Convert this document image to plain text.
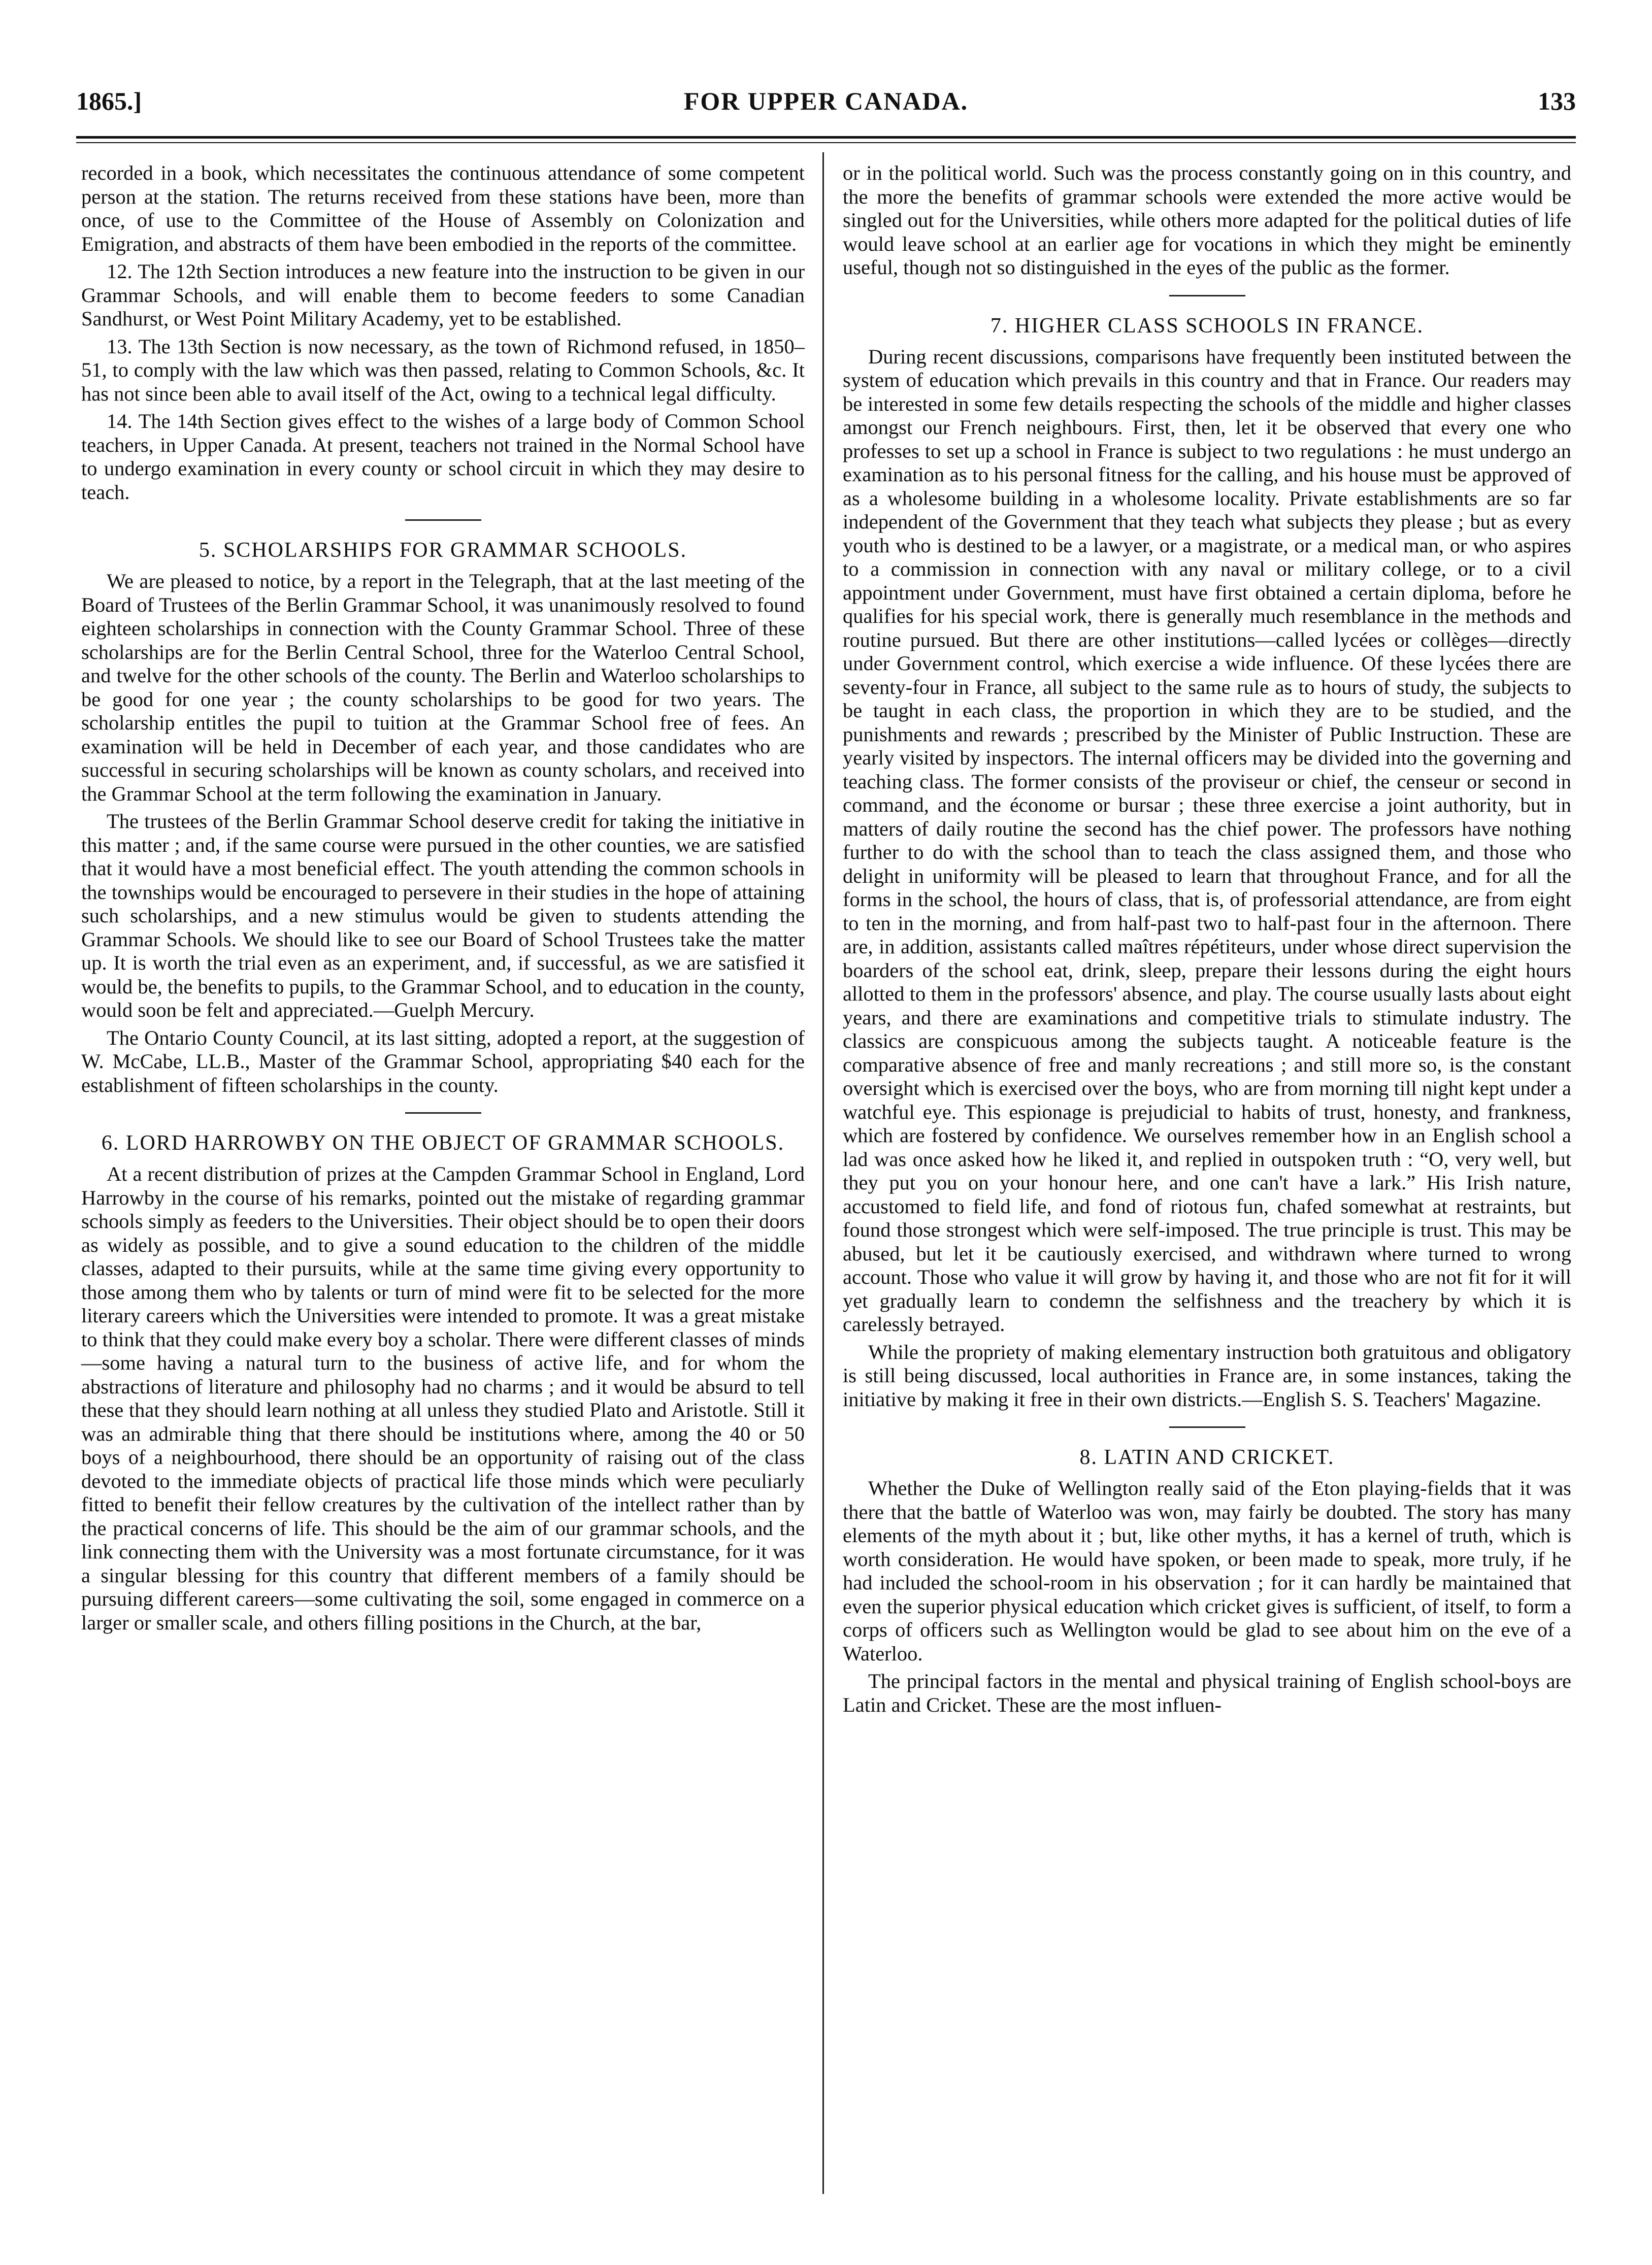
1865.]	FOR UPPER CANADA.	133

recorded in a book, which necessitates the continuous attendance of some competent person at the station. The returns received from these stations have been, more than once, of use to the Committee of the House of Assembly on Colonization and Emigration, and abstracts of them have been embodied in the reports of the committee.

12. The 12th Section introduces a new feature into the instruction to be given in our Grammar Schools, and will enable them to become feeders to some Canadian Sandhurst, or West Point Military Academy, yet to be established.

13. The 13th Section is now necessary, as the town of Richmond refused, in 1850–51, to comply with the law which was then passed, relating to Common Schools, &c. It has not since been able to avail itself of the Act, owing to a technical legal difficulty.

14. The 14th Section gives effect to the wishes of a large body of Common School teachers, in Upper Canada. At present, teachers not trained in the Normal School have to undergo examination in every county or school circuit in which they may desire to teach.

5. SCHOLARSHIPS FOR GRAMMAR SCHOOLS.

We are pleased to notice, by a report in the Telegraph, that at the last meeting of the Board of Trustees of the Berlin Grammar School, it was unanimously resolved to found eighteen scholarships in connection with the County Grammar School. Three of these scholarships are for the Berlin Central School, three for the Waterloo Central School, and twelve for the other schools of the county. The Berlin and Waterloo scholarships to be good for one year ; the county scholarships to be good for two years. The scholarship entitles the pupil to tuition at the Grammar School free of fees. An examination will be held in December of each year, and those candidates who are successful in securing scholarships will be known as county scholars, and received into the Grammar School at the term following the examination in January.

The trustees of the Berlin Grammar School deserve credit for taking the initiative in this matter ; and, if the same course were pursued in the other counties, we are satisfied that it would have a most beneficial effect. The youth attending the common schools in the townships would be encouraged to persevere in their studies in the hope of attaining such scholarships, and a new stimulus would be given to students attending the Grammar Schools. We should like to see our Board of School Trustees take the matter up. It is worth the trial even as an experiment, and, if successful, as we are satisfied it would be, the benefits to pupils, to the Grammar School, and to education in the county, would soon be felt and appreciated.—Guelph Mercury.

The Ontario County Council, at its last sitting, adopted a report, at the suggestion of W. McCabe, LL.B., Master of the Grammar School, appropriating $40 each for the establishment of fifteen scholarships in the county.

6. LORD HARROWBY ON THE OBJECT OF GRAMMAR SCHOOLS.

At a recent distribution of prizes at the Campden Grammar School in England, Lord Harrowby in the course of his remarks, pointed out the mistake of regarding grammar schools simply as feeders to the Universities. Their object should be to open their doors as widely as possible, and to give a sound education to the children of the middle classes, adapted to their pursuits, while at the same time giving every opportunity to those among them who by talents or turn of mind were fit to be selected for the more literary careers which the Universities were intended to promote. It was a great mistake to think that they could make every boy a scholar. There were different classes of minds—some having a natural turn to the business of active life, and for whom the abstractions of literature and philosophy had no charms ; and it would be absurd to tell these that they should learn nothing at all unless they studied Plato and Aristotle. Still it was an admirable thing that there should be institutions where, among the 40 or 50 boys of a neighbourhood, there should be an opportunity of raising out of the class devoted to the immediate objects of practical life those minds which were peculiarly fitted to benefit their fellow creatures by the cultivation of the intellect rather than by the practical concerns of life. This should be the aim of our grammar schools, and the link connecting them with the University was a most fortunate circumstance, for it was a singular blessing for this country that different members of a family should be pursuing different careers—some cultivating the soil, some engaged in commerce on a larger or smaller scale, and others filling positions in the Church, at the bar,

or in the political world. Such was the process constantly going on in this country, and the more the benefits of grammar schools were extended the more active would be singled out for the Universities, while others more adapted for the political duties of life would leave school at an earlier age for vocations in which they might be eminently useful, though not so distinguished in the eyes of the public as the former.

7. HIGHER CLASS SCHOOLS IN FRANCE.

During recent discussions, comparisons have frequently been instituted between the system of education which prevails in this country and that in France. Our readers may be interested in some few details respecting the schools of the middle and higher classes amongst our French neighbours. First, then, let it be observed that every one who professes to set up a school in France is subject to two regulations : he must undergo an examination as to his personal fitness for the calling, and his house must be approved of as a wholesome building in a wholesome locality. Private establishments are so far independent of the Government that they teach what subjects they please ; but as every youth who is destined to be a lawyer, or a magistrate, or a medical man, or who aspires to a commission in connection with any naval or military college, or to a civil appointment under Government, must have first obtained a certain diploma, before he qualifies for his special work, there is generally much resemblance in the methods and routine pursued. But there are other institutions—called lycées or collèges—directly under Government control, which exercise a wide influence. Of these lycées there are seventy-four in France, all subject to the same rule as to hours of study, the subjects to be taught in each class, the proportion in which they are to be studied, and the punishments and rewards ; prescribed by the Minister of Public Instruction. These are yearly visited by inspectors. The internal officers may be divided into the governing and teaching class. The former consists of the proviseur or chief, the censeur or second in command, and the économe or bursar ; these three exercise a joint authority, but in matters of daily routine the second has the chief power. The professors have nothing further to do with the school than to teach the class assigned them, and those who delight in uniformity will be pleased to learn that throughout France, and for all the forms in the school, the hours of class, that is, of professorial attendance, are from eight to ten in the morning, and from half-past two to half-past four in the afternoon. There are, in addition, assistants called maîtres répétiteurs, under whose direct supervision the boarders of the school eat, drink, sleep, prepare their lessons during the eight hours allotted to them in the professors' absence, and play. The course usually lasts about eight years, and there are examinations and competitive trials to stimulate industry. The classics are conspicuous among the subjects taught. A noticeable feature is the comparative absence of free and manly recreations ; and still more so, is the constant oversight which is exercised over the boys, who are from morning till night kept under a watchful eye. This espionage is prejudicial to habits of trust, honesty, and frankness, which are fostered by confidence. We ourselves remember how in an English school a lad was once asked how he liked it, and replied in outspoken truth : “O, very well, but they put you on your honour here, and one can't have a lark.” His Irish nature, accustomed to field life, and fond of riotous fun, chafed somewhat at restraints, but found those strongest which were self-imposed. The true principle is trust. This may be abused, but let it be cautiously exercised, and withdrawn where turned to wrong account. Those who value it will grow by having it, and those who are not fit for it will yet gradually learn to condemn the selfishness and the treachery by which it is carelessly betrayed.

While the propriety of making elementary instruction both gratuitous and obligatory is still being discussed, local authorities in France are, in some instances, taking the initiative by making it free in their own districts.—English S. S. Teachers' Magazine.

8. LATIN AND CRICKET.

Whether the Duke of Wellington really said of the Eton playing-fields that it was there that the battle of Waterloo was won, may fairly be doubted. The story has many elements of the myth about it ; but, like other myths, it has a kernel of truth, which is worth consideration. He would have spoken, or been made to speak, more truly, if he had included the school-room in his observation ; for it can hardly be maintained that even the superior physical education which cricket gives is sufficient, of itself, to form a corps of officers such as Wellington would be glad to see about him on the eve of a Waterloo.

The principal factors in the mental and physical training of English school-boys are Latin and Cricket. These are the most influen-
